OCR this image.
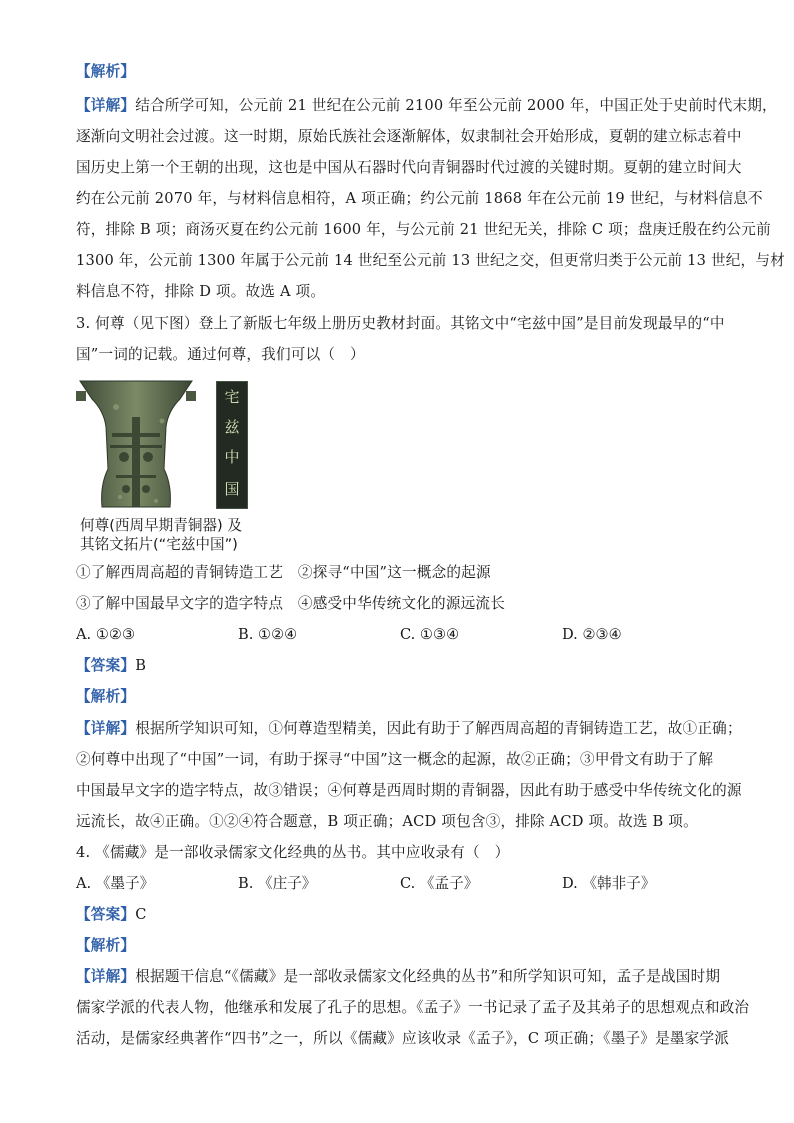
【解析】
【详解】结合所学可知，公元前 21 世纪在公元前 2100 年至公元前 2000 年，中国正处于史前时代末期，
逐渐向文明社会过渡。这一时期，原始氏族社会逐渐解体，奴隶制社会开始形成，夏朝的建立标志着中
国历史上第一个王朝的出现，这也是中国从石器时代向青铜器时代过渡的关键时期。夏朝的建立时间大
约在公元前 2070 年，与材料信息相符，A 项正确；约公元前 1868 年在公元前 19 世纪，与材料信息不
符，排除 B 项；商汤灭夏在约公元前 1600 年，与公元前 21 世纪无关，排除 C 项；盘庚迁殷在约公元前
1300 年，公元前 1300 年属于公元前 14 世纪至公元前 13 世纪之交，但更常归类于公元前 13 世纪，与材
料信息不符，排除 D 项。故选 A 项。
3. 何尊（见下图）登上了新版七年级上册历史教材封面。其铭文中“宅兹中国”是目前发现最早的“中
国”一词的记载。通过何尊，我们可以（　）
宅
兹
中
国
何尊(西周早期青铜器) 及
其铭文拓片(“宅兹中国”)
①了解西周高超的青铜铸造工艺　②探寻“中国”这一概念的起源
③了解中国最早文字的造字特点　④感受中华传统文化的源远流长
A. ①②③	B. ①②④	C. ①③④	D. ②③④
【答案】B
【解析】
【详解】根据所学知识可知，①何尊造型精美，因此有助于了解西周高超的青铜铸造工艺，故①正确；
②何尊中出现了“中国”一词，有助于探寻“中国”这一概念的起源，故②正确；③甲骨文有助于了解
中国最早文字的造字特点，故③错误；④何尊是西周时期的青铜器，因此有助于感受中华传统文化的源
远流长，故④正确。①②④符合题意，B 项正确；ACD 项包含③，排除 ACD 项。故选 B 项。
4. 《儒藏》是一部收录儒家文化经典的丛书。其中应收录有（　）
A. 《墨子》	B. 《庄子》	C. 《孟子》	D. 《韩非子》
【答案】C
【解析】
【详解】根据题干信息“《儒藏》是一部收录儒家文化经典的丛书”和所学知识可知，孟子是战国时期
儒家学派的代表人物，他继承和发展了孔子的思想。《孟子》一书记录了孟子及其弟子的思想观点和政治
活动，是儒家经典著作“四书”之一，所以《儒藏》应该收录《孟子》，C 项正确；《墨子》是墨家学派
